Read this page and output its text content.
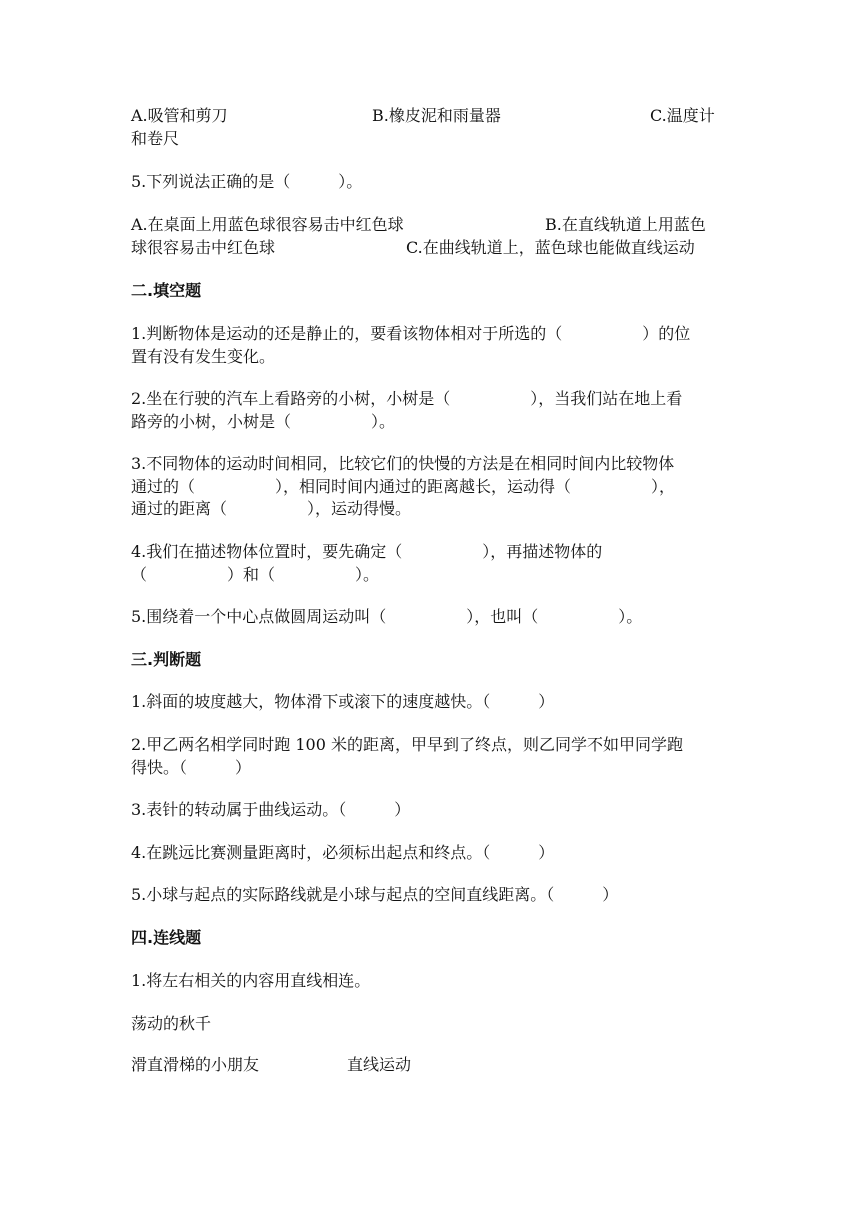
A.吸管和剪刀	B.橡皮泥和雨量器	C.温度计
和卷尺
5.下列说法正确的是（　　　）。
A.在桌面上用蓝色球很容易击中红色球	B.在直线轨道上用蓝色
球很容易击中红色球	C.在曲线轨道上，蓝色球也能做直线运动
二.填空题
1.判断物体是运动的还是静止的，要看该物体相对于所选的（　　　　　）的位
置有没有发生变化。
2.坐在行驶的汽车上看路旁的小树，小树是（　　　　　），当我们站在地上看
路旁的小树，小树是（　　　　　）。
3.不同物体的运动时间相同，比较它们的快慢的方法是在相同时间内比较物体
通过的（　　　　　），相同时间内通过的距离越长，运动得（　　　　　），
通过的距离（　　　　　），运动得慢。
4.我们在描述物体位置时，要先确定（　　　　　），再描述物体的
（　　　　　）和（　　　　　）。
5.围绕着一个中心点做圆周运动叫（　　　　　），也叫（　　　　　）。
三.判断题
1.斜面的坡度越大，物体滑下或滚下的速度越快。（　　　）
2.甲乙两名相学同时跑 100 米的距离，甲早到了终点，则乙同学不如甲同学跑
得快。（　　　）
3.表针的转动属于曲线运动。（　　　）
4.在跳远比赛测量距离时，必须标出起点和终点。（　　　）
5.小球与起点的实际路线就是小球与起点的空间直线距离。（　　　）
四.连线题
1.将左右相关的内容用直线相连。
荡动的秋千
滑直滑梯的小朋友	直线运动
